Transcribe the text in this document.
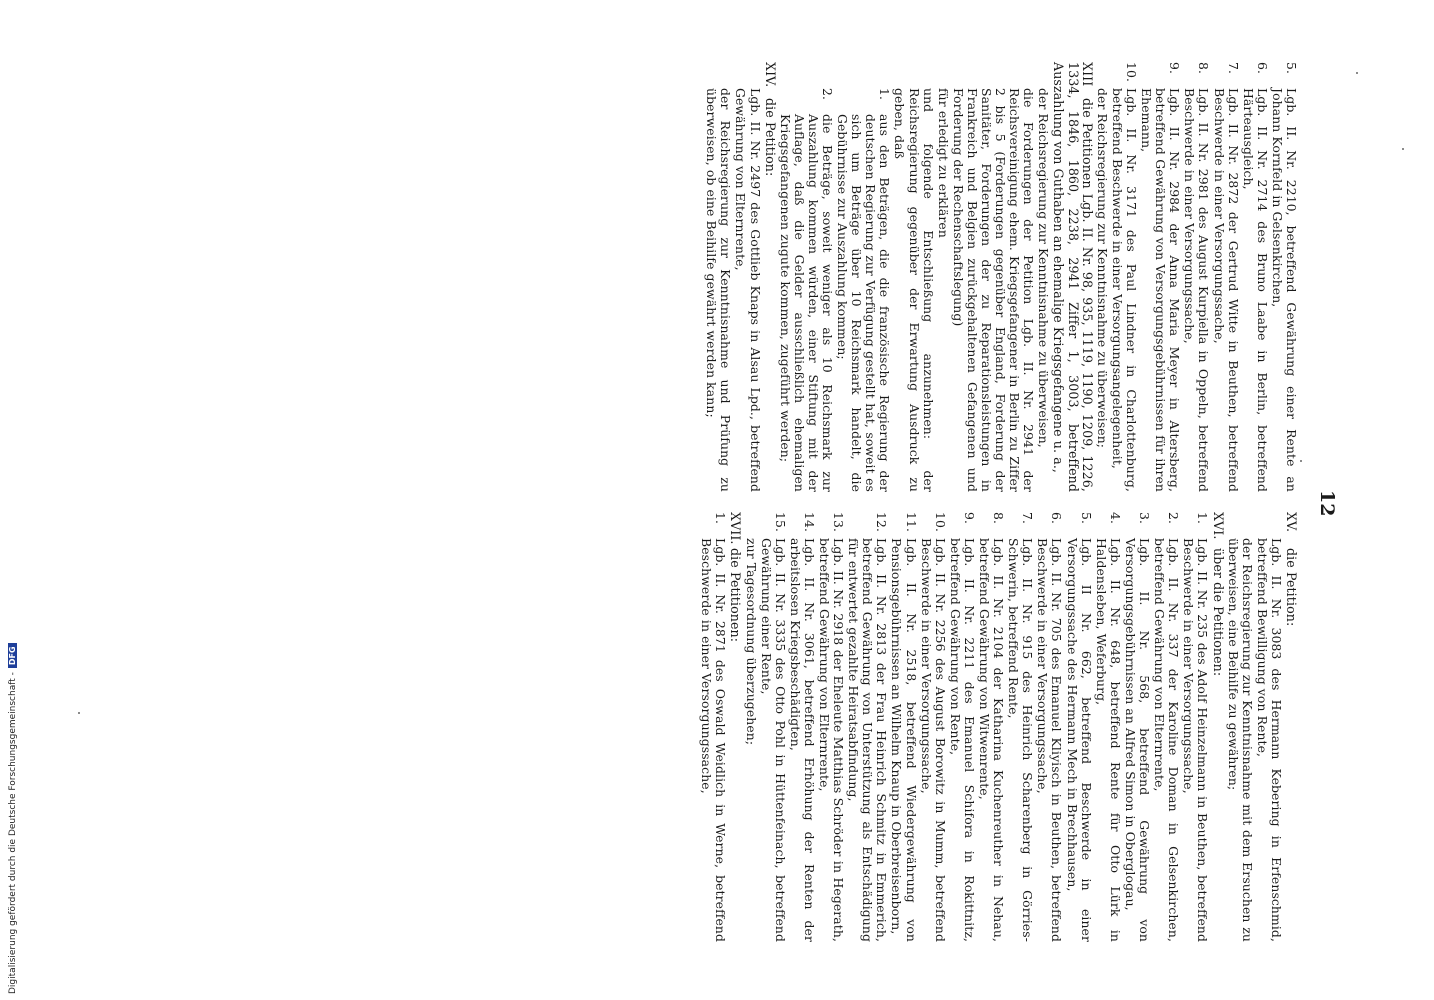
12
5.
Lgb. II. Nr. 2210, betreffend Gewährung einer Rente an Johann Kornfeld in Gelsenkirchen,
6.
Lgb. II. Nr. 2714 des Bruno Laabe in Berlin, betreffend Härteausgleich,
7.
Lgb. II. Nr. 2872 der Gertrud Witte in Beuthen, betreffend Beschwerde in einer Versorgungssache,
8.
Lgb. II. Nr. 2981 des August Kurpiella in Oppeln, betreffend Beschwerde in einer Versorgungssache,
9.
Lgb. II. Nr. 2984 der Anna Maria Meyer in Altersberg, betreffend Gewährung von Versorgungsgebührnissen für ihren Ehemann,
10.
Lgb. II. Nr. 3171 des Paul Lindner in Charlottenburg, betreffend Beschwerde in einer Versorgungsangelegenheit,
der Reichsregierung zur Kenntnisnahme zu überweisen;
XIIIdie Petitionen Lgb. II. Nr. 98, 935, 1119, 1190, 1209, 1226, 1334, 1846, 1860, 2238, 2941 Ziffer 1, 3003, betreffend Auszahlung von Guthaben an ehemalige Kriegsgefangene u. a.,
der Reichsregierung zur Kenntnisnahme zu überweisen,
die Forderungen der Petition Lgb. II. Nr. 2941 der Reichsvereinigung ehem. Kriegsgefangener in Berlin zu Ziffer 2 bis 5 (Forderungen gegenüber England, Forderung der Sanitäter, Forderungen der zu Reparationsleistungen in Frankreich und Belgien zurückgehaltenen Gefangenen und Forderung der Rechenschaftslegung)
für erledigt zu erklären
und folgende Entschließung anzunehmen: der Reichsregierung gegenüber der Erwartung Ausdruck zu geben, daß
1.
aus den Beträgen, die die französische Regierung der deutschen Regierung zur Verfügung gestellt hat, soweit es sich um Beträge über 10 Reichsmark handelt, die Gebührnisse zur Auszahlung kommen;
2.
die Beträge, soweit weniger als 10 Reichsmark zur Auszahlung kommen würden, einer Stiftung mit der Auflage, daß die Gelder ausschließlich ehemaligen Kriegsgefangenen zugute kommen, zugeführt werden;
XIV.die Petition:
Lgb. II. Nr. 2497 des Gottlieb Knaps in Alsau Lpd., betreffend Gewährung von Elternrente,
der Reichsregierung zur Kenntnisnahme und Prüfung zu überweisen, ob eine Beihilfe gewährt werden kann;
XV.die Petition:
Lgb. II. Nr. 3083 des Hermann Kebering in Erfenschmid, betreffend Bewilligung von Rente,
der Reichsregierung zur Kenntnisnahme mit dem Ersuchen zu überweisen, eine Beihilfe zu gewähren;
XVI.über die Petitionen:
1.
Lgb. II. Nr. 235 des Adolf Heinzelmann in Beuthen, betreffend Beschwerde in einer Versorgungssache,
2.
Lgb. II. Nr. 337 der Karoline Doman in Gelsenkirchen, betreffend Gewährung von Elternrente,
3.
Lgb. II. Nr. 568, betreffend Gewährung von Versorgungsgebührnissen an Alfred Simon in Oberglogau,
4.
Lgb. II. Nr. 648, betreffend Rente für Otto Lürk in Haldensleben, Weferburg,
5.
Lgb. II Nr. 662, betreffend Beschwerde in einer Versorgungssache des Hermann Mech in Brechhausen,
6.
Lgb. II. Nr. 705 des Emanuel Kliyisch in Beuthen, betreffend Beschwerde in einer Versorgungssache,
7.
Lgb. II. Nr. 915 des Heinrich Scharenberg in Görries-Schwerin, betreffend Rente,
8.
Lgb. II. Nr. 2104 der Katharina Kuchenreuther in Nehau, betreffend Gewährung von Witwenrente,
9.
Lgb. II. Nr. 2211 des Emanuel Schifora in Rokittnitz, betreffend Gewährung von Rente,
10.
Lgb. II. Nr. 2256 des August Borowitz in Mumm, betreffend Beschwerde in einer Versorgungssache,
11.
Lgb. II. Nr. 2518, betreffend Wiedergewährung von Pensionsgebührnissen an Wilhelm Knaup in Oberbreisenborn,
12.
Lgb. II. Nr. 2813 der Frau Heinrich Schmitz in Emmerich, betreffend Gewährung von Unterstützung als Entschädigung für entwertet gezahlte Heiratsabfindung,
13.
Lgb. II. Nr. 2918 der Eheleute Matthias Schröder in Hegerath, betreffend Gewährung von Elternrente,
14.
Lgb. II. Nr. 3061, betreffend Erhöhung der Renten der arbeitslosen Kriegsbeschädigten,
15.
Lgb. II. Nr. 3335 des Otto Pohl in Hüttenfeinach, betreffend Gewährung einer Rente,
zur Tagesordnung überzugehen;
XVII.die Petitionen:
1.
Lgb. II. Nr. 2871 des Oswald Weidlich in Werne, betreffend Beschwerde in einer Versorgungssache,
Digitalisierung gefördert durch die Deutsche Forschungsgemeinschaft -DFG
